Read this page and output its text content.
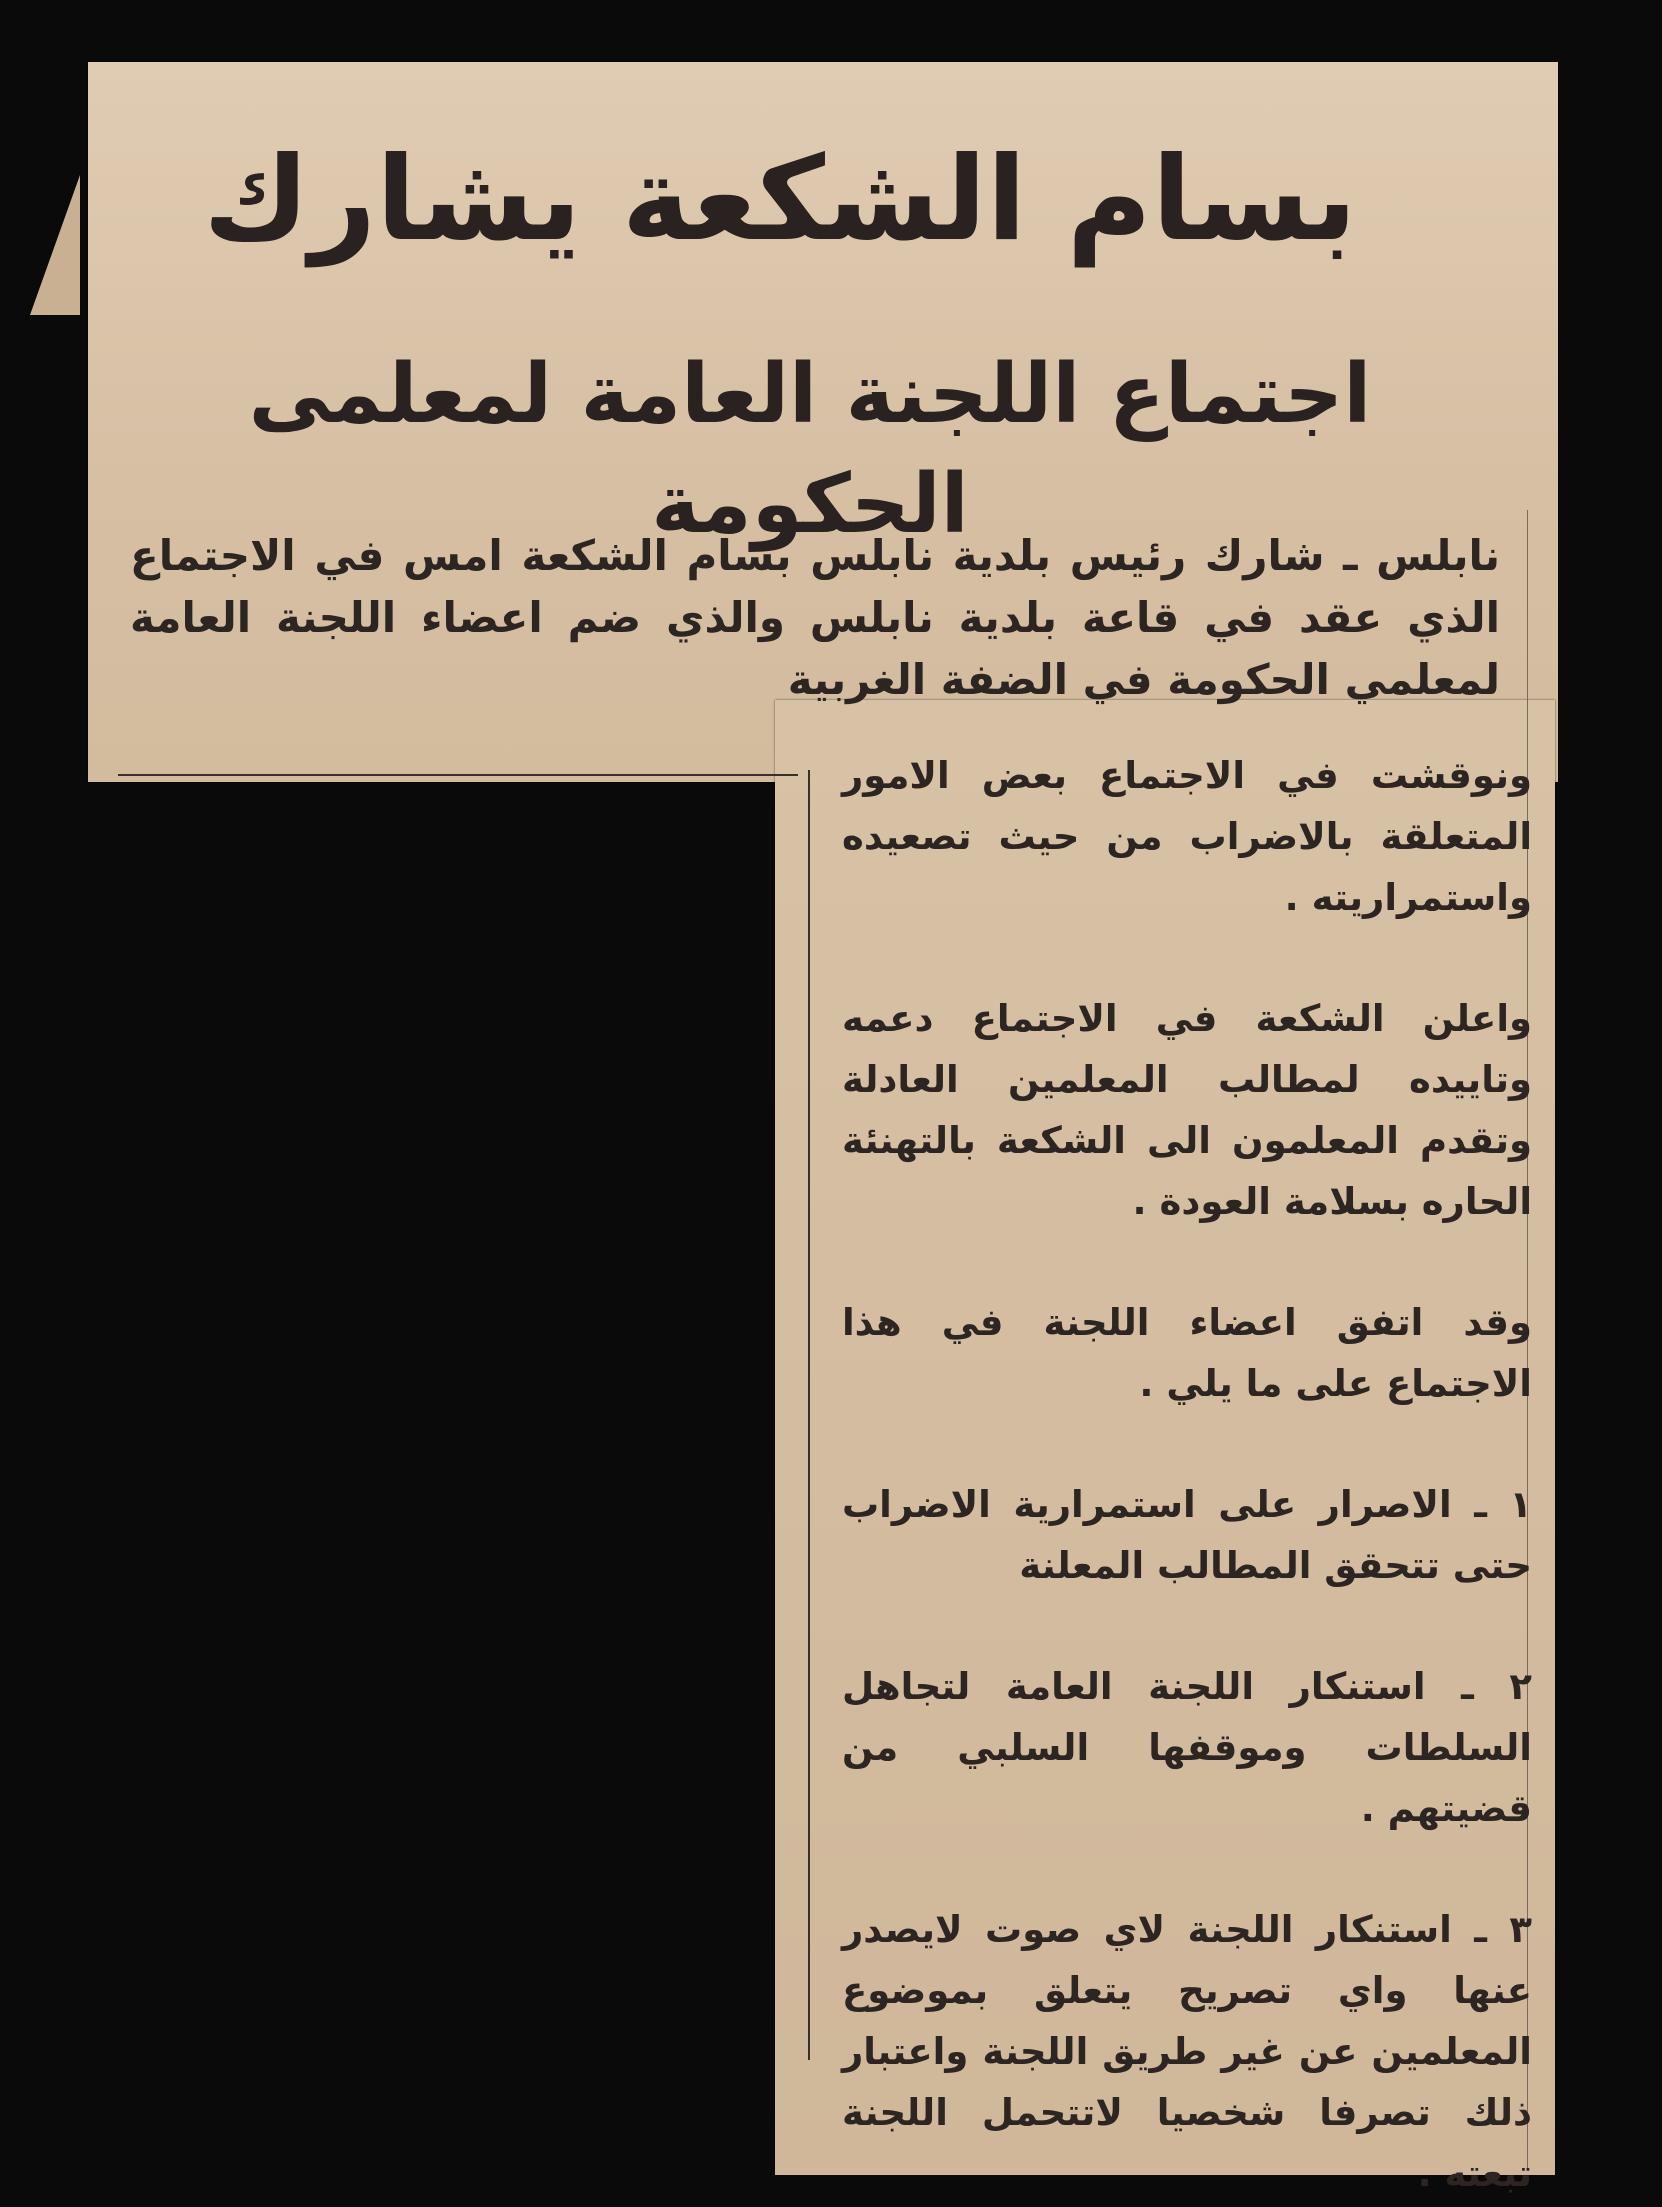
بسام الشكعة يشارك
اجتماع اللجنة العامة لمعلمى الحكومة

نابلس ـ شارك رئيس بلدية نابلس بسام الشكعة امس في الاجتماع الذي عقد في قاعة بلدية نابلس والذي ضم اعضاء اللجنة العامة لمعلمي الحكومة في الضفة الغربية

ونوقشت في الاجتماع بعض الامور المتعلقة بالاضراب من حيث تصعيده واستمراريته .

واعلن الشكعة في الاجتماع دعمه وتاييده لمطالب المعلمين العادلة وتقدم المعلمون الى الشكعة بالتهنئة الحاره بسلامة العودة .

وقد اتفق اعضاء اللجنة في هذا الاجتماع على ما يلي .

١ ـ الاصرار على استمرارية الاضراب حتى تتحقق المطالب المعلنة

٢ ـ استنكار اللجنة العامة لتجاهل السلطات وموقفها السلبي من قضيتهم .

٣ ـ استنكار اللجنة لاي صوت لايصدر عنها واي تصريح يتعلق بموضوع المعلمين عن غير طريق اللجنة واعتبار ذلك تصرفا شخصيا لاتتحمل اللجنة تبعته .
